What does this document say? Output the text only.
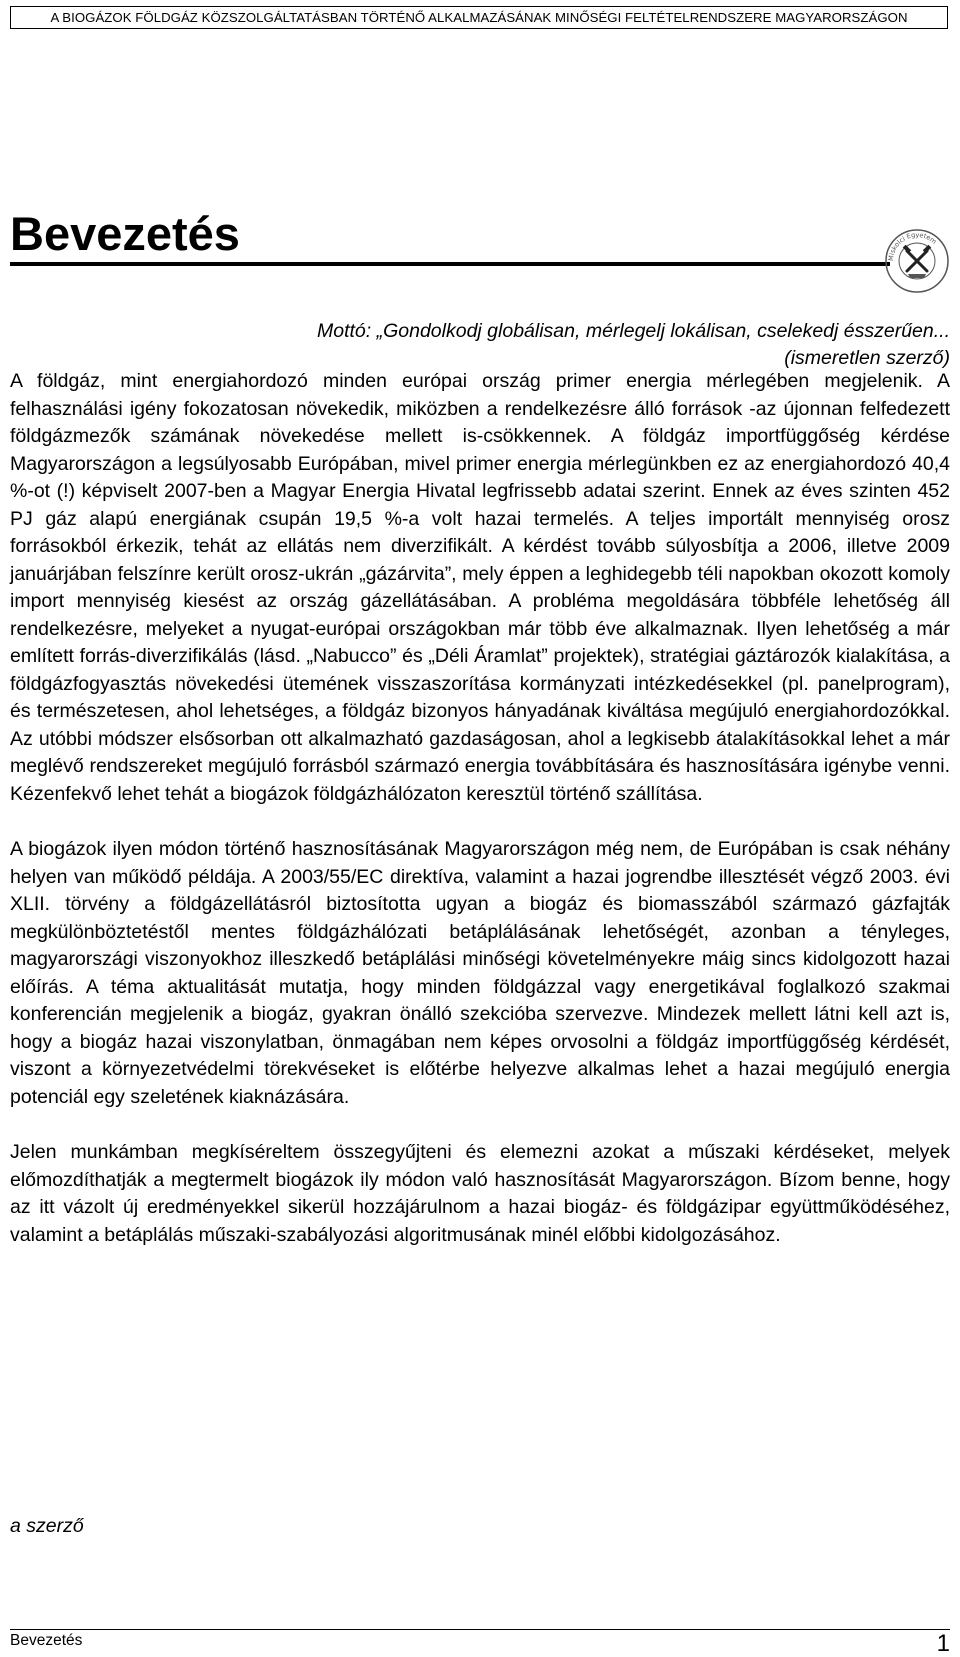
A BIOGÁZOK FÖLDGÁZ KÖZSZOLGÁLTATÁSBAN TÖRTÉNŐ ALKALMAZÁSÁNAK MINŐSÉGI FELTÉTELRENDSZERE MAGYARORSZÁGON
Bevezetés	Miskolci Egyetem
Mottó: „Gondolkodj globálisan, mérlegelj lokálisan, cselekedj ésszerűen...
(ismeretlen szerző)

A földgáz, mint energiahordozó minden európai ország primer energia mérlegében megjelenik. A felhasználási igény fokozatosan növekedik, miközben a rendelkezésre álló források -az újonnan felfedezett földgázmezők számának növekedése mellett is-csökkennek. A földgáz importfüggőség kérdése Magyarországon a legsúlyosabb Európában, mivel primer energia mérlegünkben ez az energiahordozó 40,4 %-ot (!) képviselt 2007-ben a Magyar Energia Hivatal legfrissebb adatai szerint. Ennek az éves szinten 452 PJ gáz alapú energiának csupán 19,5 %-a volt hazai termelés. A teljes importált mennyiség orosz forrásokból érkezik, tehát az ellátás nem diverzifikált. A kérdést tovább súlyosbítja a 2006, illetve 2009 januárjában felszínre került orosz-ukrán „gázárvita”, mely éppen a leghidegebb téli napokban okozott komoly import mennyiség kiesést az ország gázellátásában. A probléma megoldására többféle lehetőség áll rendelkezésre, melyeket a nyugat-európai országokban már több éve alkalmaznak. Ilyen lehetőség a már említett forrás-diverzifikálás (lásd. „Nabucco” és „Déli Áramlat” projektek), stratégiai gáztározók kialakítása, a földgázfogyasztás növekedési ütemének visszaszorítása kormányzati intézkedésekkel (pl. panelprogram), és természetesen, ahol lehetséges, a földgáz bizonyos hányadának kiváltása megújuló energiahordozókkal. Az utóbbi módszer elsősorban ott alkalmazható gazdaságosan, ahol a legkisebb átalakításokkal lehet a már meglévő rendszereket megújuló forrásból származó energia továbbítására és hasznosítására igénybe venni. Kézenfekvő lehet tehát a biogázok földgázhálózaton keresztül történő szállítása.

A biogázok ilyen módon történő hasznosításának Magyarországon még nem, de Európában is csak néhány helyen van működő példája. A 2003/55/EC direktíva, valamint a hazai jogrendbe illesztését végző 2003. évi XLII. törvény a földgázellátásról biztosította ugyan a biogáz és biomasszából származó gázfajták megkülönböztetéstől mentes földgázhálózati betáplálásának lehetőségét, azonban a tényleges, magyarországi viszonyokhoz illeszkedő betáplálási minőségi követelményekre máig sincs kidolgozott hazai előírás. A téma aktualitását mutatja, hogy minden földgázzal vagy energetikával foglalkozó szakmai konferencián megjelenik a biogáz, gyakran önálló szekcióba szervezve. Mindezek mellett látni kell azt is, hogy a biogáz hazai viszonylatban, önmagában nem képes orvosolni a földgáz importfüggőség kérdését, viszont a környezetvédelmi törekvéseket is előtérbe helyezve alkalmas lehet a hazai megújuló energia potenciál egy szeletének kiaknázására.

Jelen munkámban megkíséreltem összegyűjteni és elemezni azokat a műszaki kérdéseket, melyek előmozdíthatják a megtermelt biogázok ily módon való hasznosítását Magyarországon. Bízom benne, hogy az itt vázolt új eredményekkel sikerül hozzájárulnom a hazai biogáz- és földgázipar együttműködéséhez, valamint a betáplálás műszaki-szabályozási algoritmusának minél előbbi kidolgozásához.

a szerző
Bevezetés	1
